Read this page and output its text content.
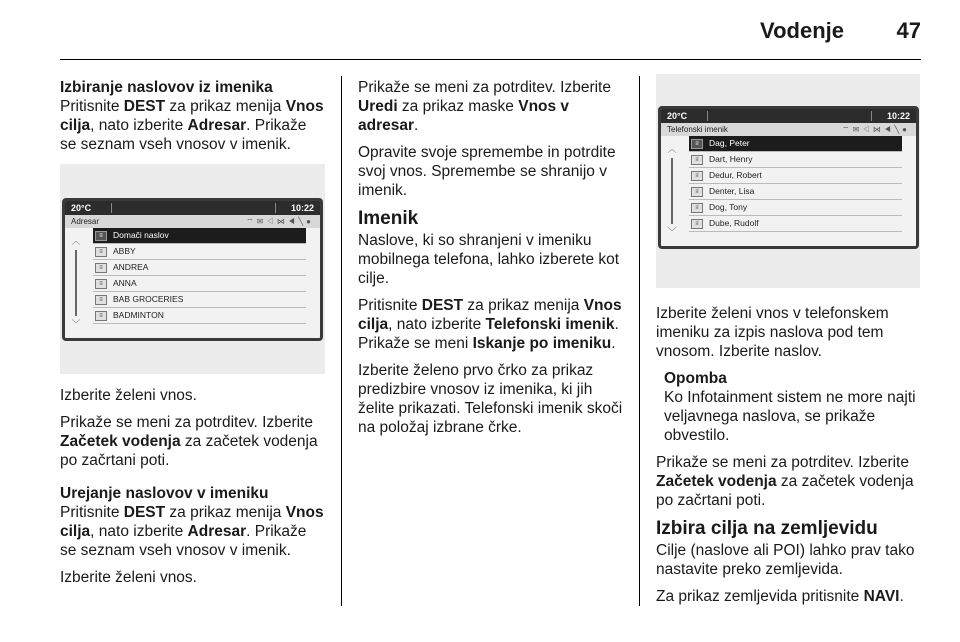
Vodenje 47

Izbiranje naslovov iz imenika

Pritisnite DEST za prikaz menija Vnos cilja, nato izberite Adresar. Prikaže se seznam vseh vnosov v imenik.

20°C	10:22
Adresar	⌔✉◁⋈◀╲●
︿
﹀
≡	Domači naslov
≡	ABBY
≡	ANDREA
≡	ANNA
≡	BAB GROCERIES
≡	BADMINTON

Izberite želeni vnos.

Prikaže se meni za potrditev. Izberite Začetek vodenja za začetek vodenja po začrtani poti.

Urejanje naslovov v imeniku

Pritisnite DEST za prikaz menija Vnos cilja, nato izberite Adresar. Prikaže se seznam vseh vnosov v imenik.

Izberite želeni vnos.

Prikaže se meni za potrditev. Izberite Uredi za prikaz maske Vnos v adresar.

Opravite svoje spremembe in potrdite svoj vnos. Spremembe se shranijo v imenik.

Imenik

Naslove, ki so shranjeni v imeniku mobilnega telefona, lahko izberete kot cilje.

Pritisnite DEST za prikaz menija Vnos cilja, nato izberite Telefonski imenik. Prikaže se meni Iskanje po imeniku.

Izberite želeno prvo črko za prikaz predizbire vnosov iz imenika, ki jih želite prikazati. Telefonski imenik skoči na položaj izbrane črke.

20°C	10:22
Telefonski imenik	⌔✉◁⋈◀╲●
︿
﹀
≡	Dag, Peter
≡	Dart, Henry
≡	Dedur, Robert
≡	Denter, Lisa
≡	Dog, Tony
≡	Dube, Rudolf

Izberite želeni vnos v telefonskem imeniku za izpis naslova pod tem vnosom. Izberite naslov.

Opomba
Ko Infotainment sistem ne more najti veljavnega naslova, se prikaže obvestilo.

Prikaže se meni za potrditev. Izberite Začetek vodenja za začetek vodenja po začrtani poti.

Izbira cilja na zemljevidu

Cilje (naslove ali POI) lahko prav tako nastavite preko zemljevida.

Za prikaz zemljevida pritisnite NAVI.
